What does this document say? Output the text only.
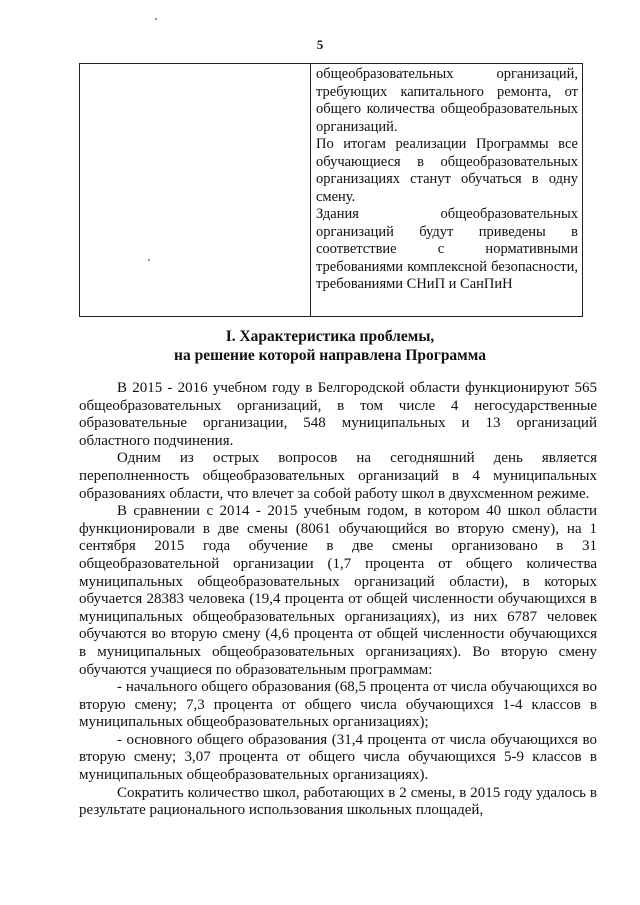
5

общеобразовательных организаций, требующих капитального ремонта, от общего количества общеобразовательных организаций.

По итогам реализации Программы все обучающиеся в общеобразовательных организациях станут обучаться в одну смену.

Здания общеобразовательных организаций будут приведены в соответствие с нормативными требованиями комплексной безопасности, требованиями СНиП и СанПиН

I. Характеристика проблемы,
на решение которой направлена Программа

В 2015 - 2016 учебном году в Белгородской области функционируют 565 общеобразовательных организаций, в том числе 4 негосударственные образовательные организации, 548 муниципальных и 13 организаций областного подчинения.

Одним из острых вопросов на сегодняшний день является переполненность общеобразовательных организаций в 4 муниципальных образованиях области, что влечет за собой работу школ в двухсменном режиме.

В сравнении с 2014 - 2015 учебным годом, в котором 40 школ области функционировали в две смены (8061 обучающийся во вторую смену), на 1 сентября 2015 года обучение в две смены организовано в 31 общеобразовательной организации (1,7 процента от общего количества муниципальных общеобразовательных организаций области), в которых обучается 28383 человека (19,4 процента от общей численности обучающихся в муниципальных общеобразовательных организациях), из них 6787 человек обучаются во вторую смену (4,6 процента от общей численности обучающихся в муниципальных общеобразовательных организациях). Во вторую смену обучаются учащиеся по образовательным программам:

- начального общего образования (68,5 процента от числа обучающихся во вторую смену; 7,3 процента от общего числа обучающихся 1-4 классов в муниципальных общеобразовательных организациях);

- основного общего образования (31,4 процента от числа обучающихся во вторую смену; 3,07 процента от общего числа обучающихся 5-9 классов в муниципальных общеобразовательных организациях).

Сократить количество школ, работающих в 2 смены, в 2015 году удалось в результате рационального использования школьных площадей,
